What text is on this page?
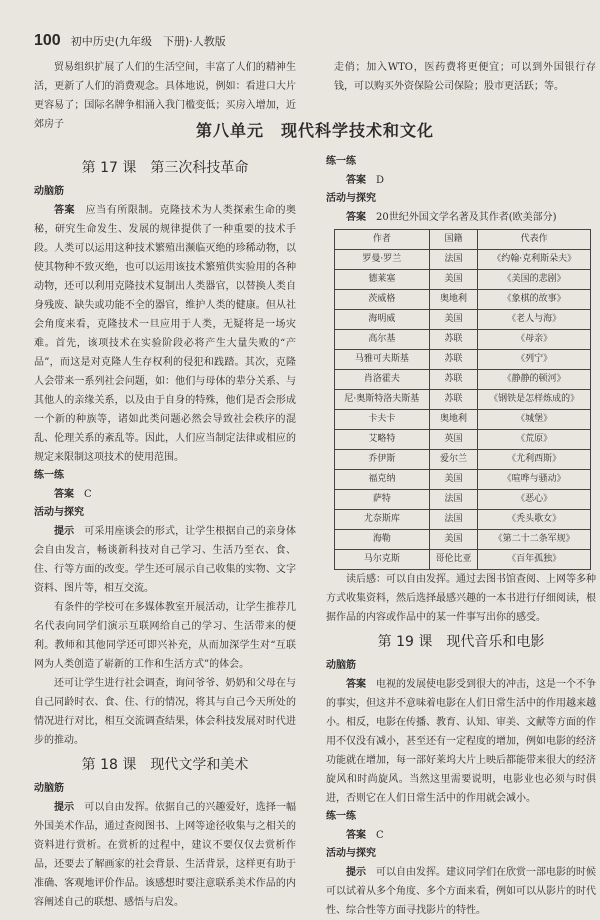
100 初中历史(九年级　下册)·人教版

贸易组织扩展了人们的生活空间，丰富了人们的精神生活，更新了人们的消费观念。具体地说，例如：看进口大片更容易了；国际名牌争相涌入我门槛变低；买房入增加，近郊房子

走俏；加入WTO，医药费将更便宜；可以到外国银行存钱，可以购买外资保险公司保险；股市更活跃；等。

第八单元　现代科学技术和文化
第 17 课　第三次科技革命
动脑筋

答案　 应当有所限制。克隆技术为人类探索生命的奥秘，研究生命发生、发展的规律提供了一种重要的技术手段。人类可以运用这种技术繁殖出濒临灭绝的珍稀动物，以使其物种不致灭绝，也可以运用该技术繁殖供实验用的各种动物，还可以利用克隆技术复制出人类器官，以替换人类自身残废、缺失或功能不全的器官，维护人类的健康。但从社会角度来看，克隆技术一旦应用于人类，无疑将是一场灾难。首先，该项技术在实验阶段必将产生大量失败的“产品”，而这是对克隆人生存权利的侵犯和践踏。其次，克隆人会带来一系列社会问题，如：他们与母体的辈分关系、与其他人的亲缘关系，以及由于自身的特殊，他们是否会形成一个新的种族等，诸如此类问题必然会导致社会秩序的混乱、伦理关系的紊乱等。因此，人们应当制定法律或相应的规定来限制这项技术的使用范围。

练一练

答案　 C

活动与探究

提示　 可采用座谈会的形式，让学生根据自己的亲身体会自由发言，畅谈新科技对自己学习、生活乃至衣、食、住、行等方面的改变。学生还可展示自己收集的实物、文字资料、图片等，相互交流。

有条件的学校可在多媒体教室开展活动，让学生推荐几名代表向同学们演示互联网给自己的学习、生活带来的便利。教师和其他同学还可即兴补充，从而加深学生对“互联网为人类创造了崭新的工作和生活方式”的体会。

还可让学生进行社会调查，询问爷爷、奶奶和父母在与自己同龄时衣、食、住、行的情况，将其与自己今天所处的情况进行对比，相互交流调查结果，体会科技发展对时代进步的推动。

第 18 课　现代文学和美术
动脑筋

提示　 可以自由发挥。依据自己的兴趣爱好，选择一幅外国美术作品，通过查阅图书、上网等途径收集与之相关的资料进行赏析。在赏析的过程中，建议不要仅仅去赏析作品，还要去了解画家的社会背景、生活背景，这样更有助于准确、客观地评价作品。该感想时要注意联系美术作品的内容阐述自己的联想、感悟与启发。

练一练

答案　 D

活动与探究

答案　 20世纪外国文学名著及其作者(欧美部分)

作者	国籍	代表作
罗曼·罗兰	法国	《约翰·克利斯朵夫》
德莱塞	美国	《美国的悲剧》
茨威格	奥地利	《象棋的故事》
海明威	美国	《老人与海》
高尔基	苏联	《母亲》
马雅可夫斯基	苏联	《列宁》
肖洛霍夫	苏联	《静静的顿河》
尼·奥斯特洛夫斯基	苏联	《钢铁是怎样炼成的》
卡夫卡	奥地利	《城堡》
艾略特	英国	《荒原》
乔伊斯	爱尔兰	《尤利西斯》
福克纳	美国	《喧哗与骚动》
萨特	法国	《恶心》
尤奈斯库	法国	《秃头歌女》
海勒	美国	《第二十二条军规》
马尔克斯	哥伦比亚	《百年孤独》

读后感：可以自由发挥。通过去图书馆查阅、上网等多种方式收集资料，然后选择最感兴趣的一本书进行仔细阅读，根据作品的内容或作品中的某一件事写出你的感受。

第 19 课　现代音乐和电影
动脑筋

答案　 电视的发展使电影受到很大的冲击，这是一个不争的事实，但这并不意味着电影在人们日常生活中的作用越来越小。相反，电影在传播、教育、认知、审美、文献等方面的作用不仅没有减小，甚至还有一定程度的增加，例如电影的经济功能就在增加，每一部好莱坞大片上映后都能带来很大的经济旋风和时尚旋风。当然这里需要说明，电影业也必须与时俱进，否则它在人们日常生活中的作用就会减小。

练一练

答案　 C

活动与探究

提示　 可以自由发挥。建议同学们在欣赏一部电影的时候可以试着从多个角度、多个方面来看，例如可以从影片的时代性、综合性等方面寻找影片的特性。
